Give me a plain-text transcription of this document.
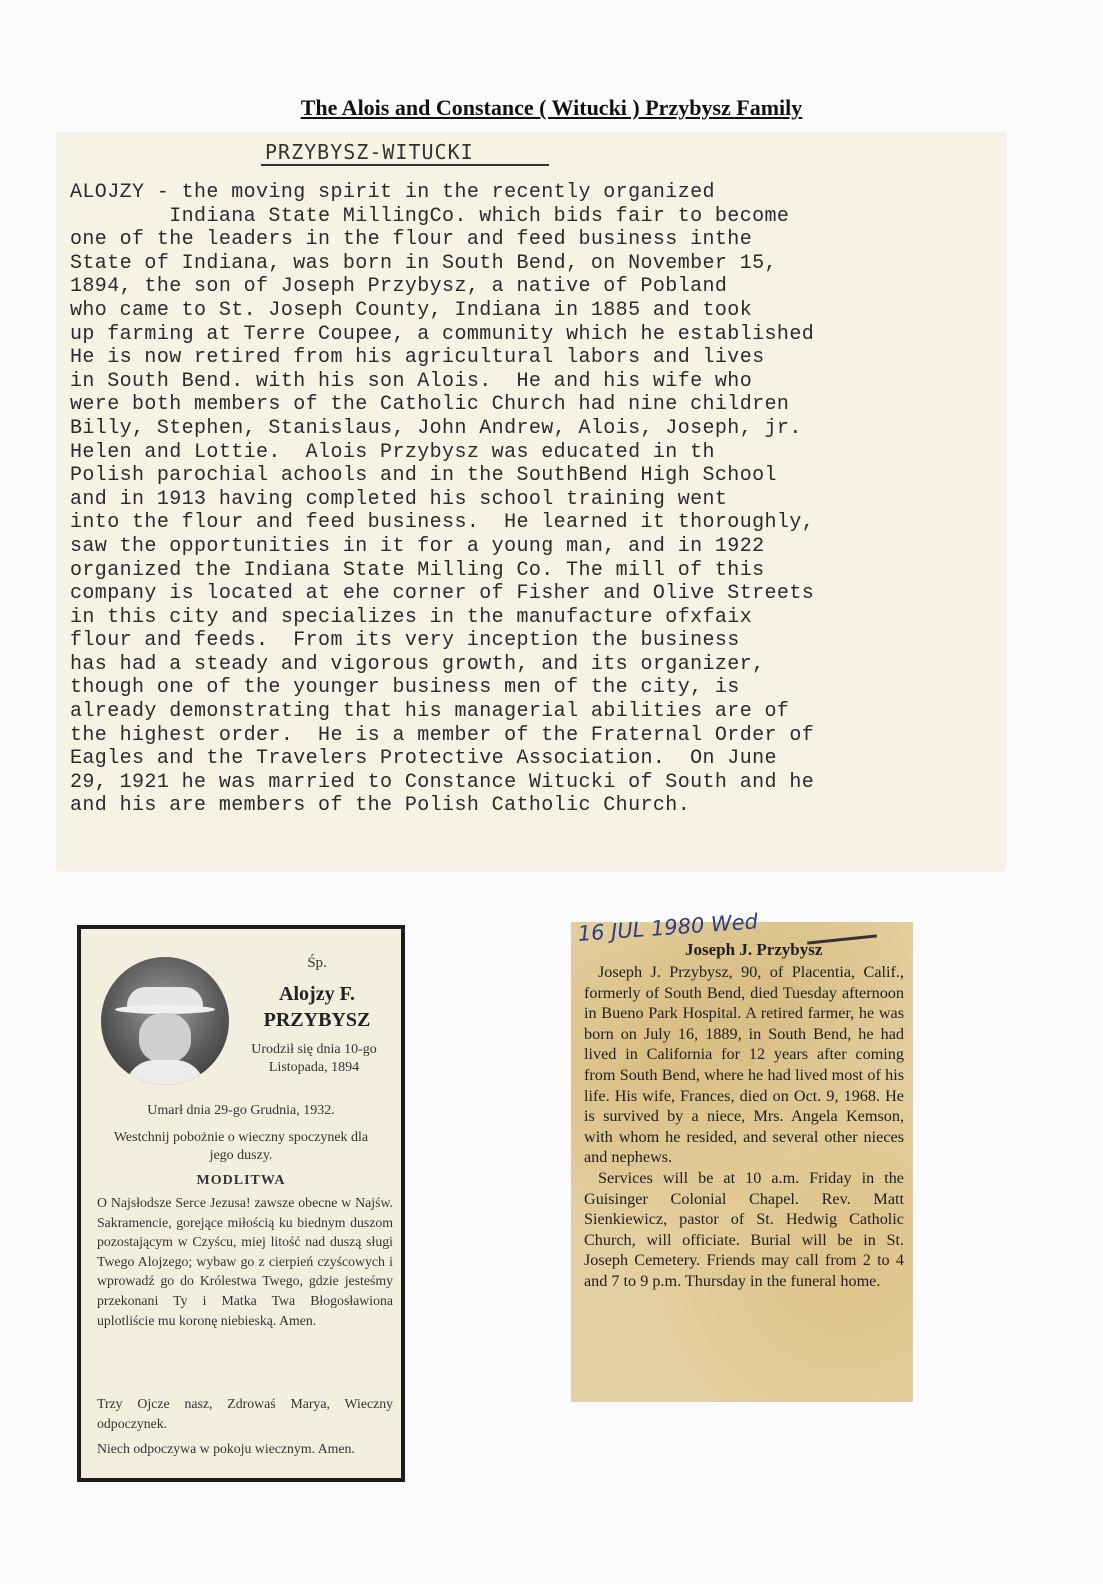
The Alois and Constance ( Witucki ) Przybysz Family
PRZYBYSZ-WITUCKI
ALOJZY - the moving spirit in the recently organized
Indiana State MillingCo. which bids fair to become
one of the leaders in the flour and feed business inthe
State of Indiana, was born in South Bend, on November 15,
1894, the son of Joseph Przybysz, a native of Pobland
who came to St. Joseph County, Indiana in 1885 and took
up farming at Terre Coupee, a community which he established
He is now retired from his agricultural labors and lives
in South Bend. with his son Alois.  He and his wife who
were both members of the Catholic Church had nine children
Billy, Stephen, Stanislaus, John Andrew, Alois, Joseph, jr.
Helen and Lottie.  Alois Przybysz was educated in th
Polish parochial achools and in the SouthBend High School
and in 1913 having completed his school training went
into the flour and feed business.  He learned it thoroughly,
saw the opportunities in it for a young man, and in 1922
organized the Indiana State Milling Co. The mill of this
company is located at ehe corner of Fisher and Olive Streets
in this city and specializes in the manufacture ofxfaix
flour and feeds.  From its very inception the business
has had a steady and vigorous growth, and its organizer,
though one of the younger business men of the city, is
already demonstrating that his managerial abilities are of
the highest order.  He is a member of the Fraternal Order of
Eagles and the Travelers Protective Association.  On June
29, 1921 he was married to Constance Witucki of South and he
and his are members of the Polish Catholic Church.
Śp.
Alojzy F.
PRZYBYSZ
Urodził się dnia 10-go Listopada, 1894
Umarł dnia 29-go Grudnia, 1932.
Westchnij pobożnie o wieczny spoczynek dla jego duszy.
MODLITWA
O Najsłodsze Serce Jezusa! zawsze obecne w Najśw. Sakramencie, gorejące miłością ku biednym duszom pozostającym w Czyścu, miej litość nad duszą sługi Twego Alojzego; wybaw go z cierpień czyścowych i wprowadź go do Królestwa Twego, gdzie jesteśmy przekonani Ty i Matka Twa Błogosławiona uplotliście mu koronę niebieską. Amen.
Trzy Ojcze nasz, Zdrowaś Marya, Wieczny odpoczynek.
Niech odpoczywa w pokoju wiecznym. Amen.
16 JUL 1980 Wed
Joseph J. Przybysz

Joseph J. Przybysz, 90, of Placentia, Calif., formerly of South Bend, died Tuesday afternoon in Bueno Park Hospital. A retired farmer, he was born on July 16, 1889, in South Bend, he had lived in California for 12 years after coming from South Bend, where he had lived most of his life. His wife, Frances, died on Oct. 9, 1968. He is survived by a niece, Mrs. Angela Kemson, with whom he resided, and several other nieces and nephews.

Services will be at 10 a.m. Friday in the Guisinger Colonial Chapel. Rev. Matt Sienkiewicz, pastor of St. Hedwig Catholic Church, will officiate. Burial will be in St. Joseph Cemetery. Friends may call from 2 to 4 and 7 to 9 p.m. Thursday in the funeral home.
